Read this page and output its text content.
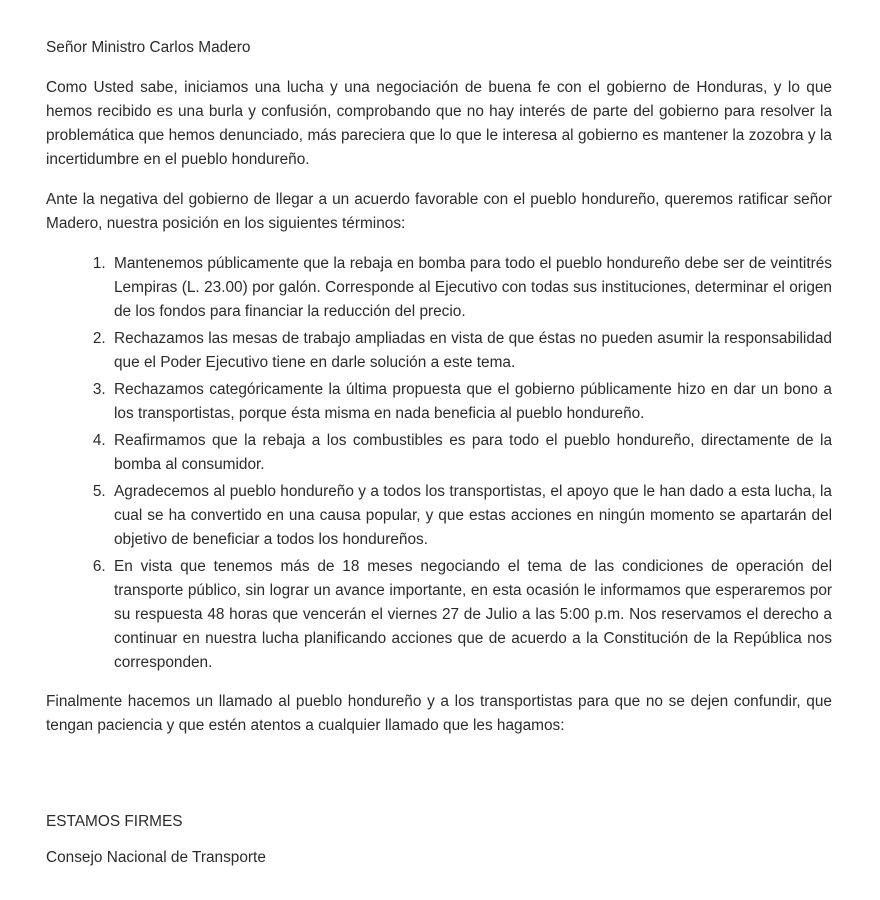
Señor Ministro Carlos Madero

Como Usted sabe, iniciamos una lucha y una negociación de buena fe con el gobierno de Honduras, y lo que hemos recibido es una burla y confusión, comprobando que no hay interés de parte del gobierno para resolver la problemática que hemos denunciado, más pareciera que lo que le interesa al gobierno es mantener la zozobra y la incertidumbre en el pueblo hondureño.

Ante la negativa del gobierno de llegar a un acuerdo favorable con el pueblo hondureño, queremos ratificar señor Madero, nuestra posición en los siguientes términos:

1. Mantenemos públicamente que la rebaja en bomba para todo el pueblo hondureño debe ser de veintitrés Lempiras (L. 23.00) por galón. Corresponde al Ejecutivo con todas sus instituciones, determinar el origen de los fondos para financiar la reducción del precio.
2. Rechazamos las mesas de trabajo ampliadas en vista de que éstas no pueden asumir la responsabilidad que el Poder Ejecutivo tiene en darle solución a este tema.
3. Rechazamos categóricamente la última propuesta que el gobierno públicamente hizo en dar un bono a los transportistas, porque ésta misma en nada beneficia al pueblo hondureño.
4. Reafirmamos que la rebaja a los combustibles es para todo el pueblo hondureño, directamente de la bomba al consumidor.
5. Agradecemos al pueblo hondureño y a todos los transportistas, el apoyo que le han dado a esta lucha, la cual se ha convertido en una causa popular, y que estas acciones en ningún momento se apartarán del objetivo de beneficiar a todos los hondureños.
6. En vista que tenemos más de 18 meses negociando el tema de las condiciones de operación del transporte público, sin lograr un avance importante, en esta ocasión le informamos que esperaremos por su respuesta 48 horas que vencerán el viernes 27 de Julio a las 5:00 p.m. Nos reservamos el derecho a continuar en nuestra lucha planificando acciones que de acuerdo a la Constitución de la República nos corresponden.

Finalmente hacemos un llamado al pueblo hondureño y a los transportistas para que no se dejen confundir, que tengan paciencia y que estén atentos a cualquier llamado que les hagamos:

ESTAMOS FIRMES
Consejo Nacional de Transporte
